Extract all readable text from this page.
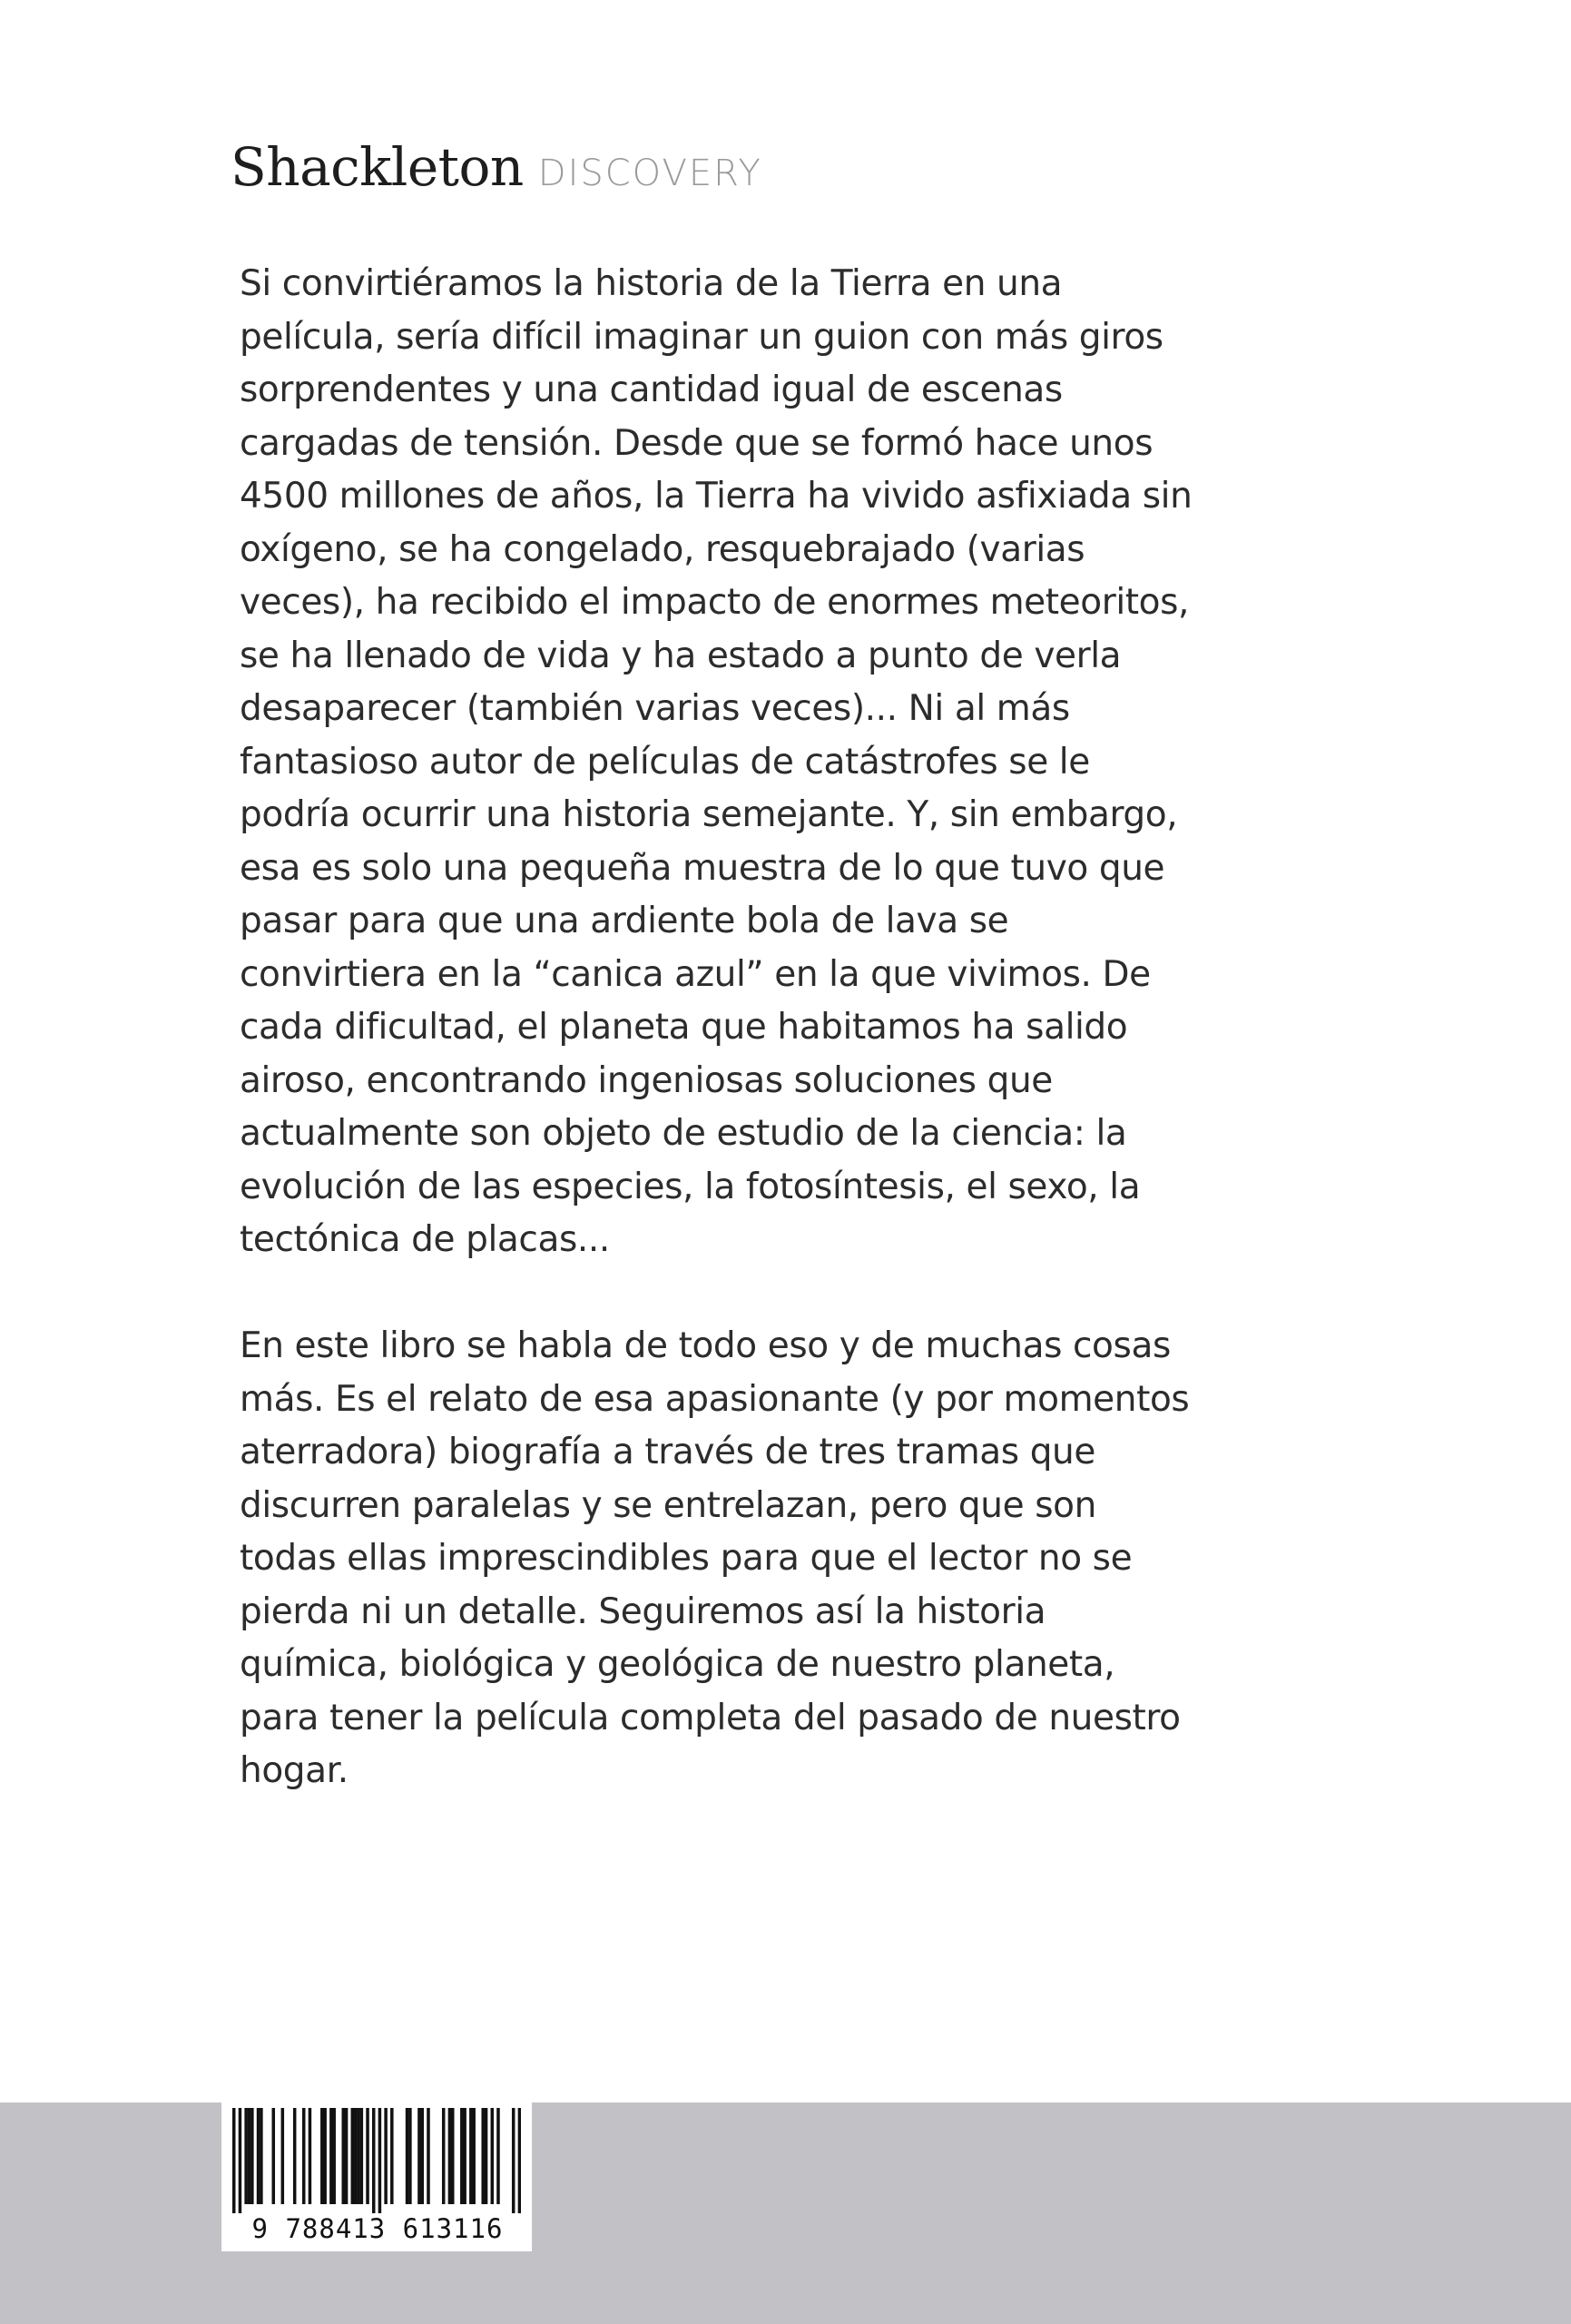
Shackleton DISCOVERY

Si convirtiéramos la historia de la Tierra en una película, sería difícil imaginar un guion con más giros sorprendentes y una cantidad igual de escenas cargadas de tensión. Desde que se formó hace unos 4500 millones de años, la Tierra ha vivido asfixiada sin oxígeno, se ha congelado, resquebrajado (varias veces), ha recibido el impacto de enormes meteoritos, se ha llenado de vida y ha estado a punto de verla desaparecer (también varias veces)... Ni al más fantasioso autor de películas de catástrofes se le podría ocurrir una historia semejante. Y, sin embargo, esa es solo una pequeña muestra de lo que tuvo que pasar para que una ardiente bola de lava se convirtiera en la “canica azul” en la que vivimos. De cada dificultad, el planeta que habitamos ha salido airoso, encontrando ingeniosas soluciones que actualmente son objeto de estudio de la ciencia: la evolución de las especies, la fotosíntesis, el sexo, la tectónica de placas...

En este libro se habla de todo eso y de muchas cosas más. Es el relato de esa apasionante (y por momentos aterradora) biografía a través de tres tramas que discurren paralelas y se entrelazan, pero que son todas ellas imprescindibles para que el lector no se pierda ni un detalle. Seguiremos así la historia química, biológica y geológica de nuestro planeta, para tener la película completa del pasado de nuestro hogar.

9 788413 613116
